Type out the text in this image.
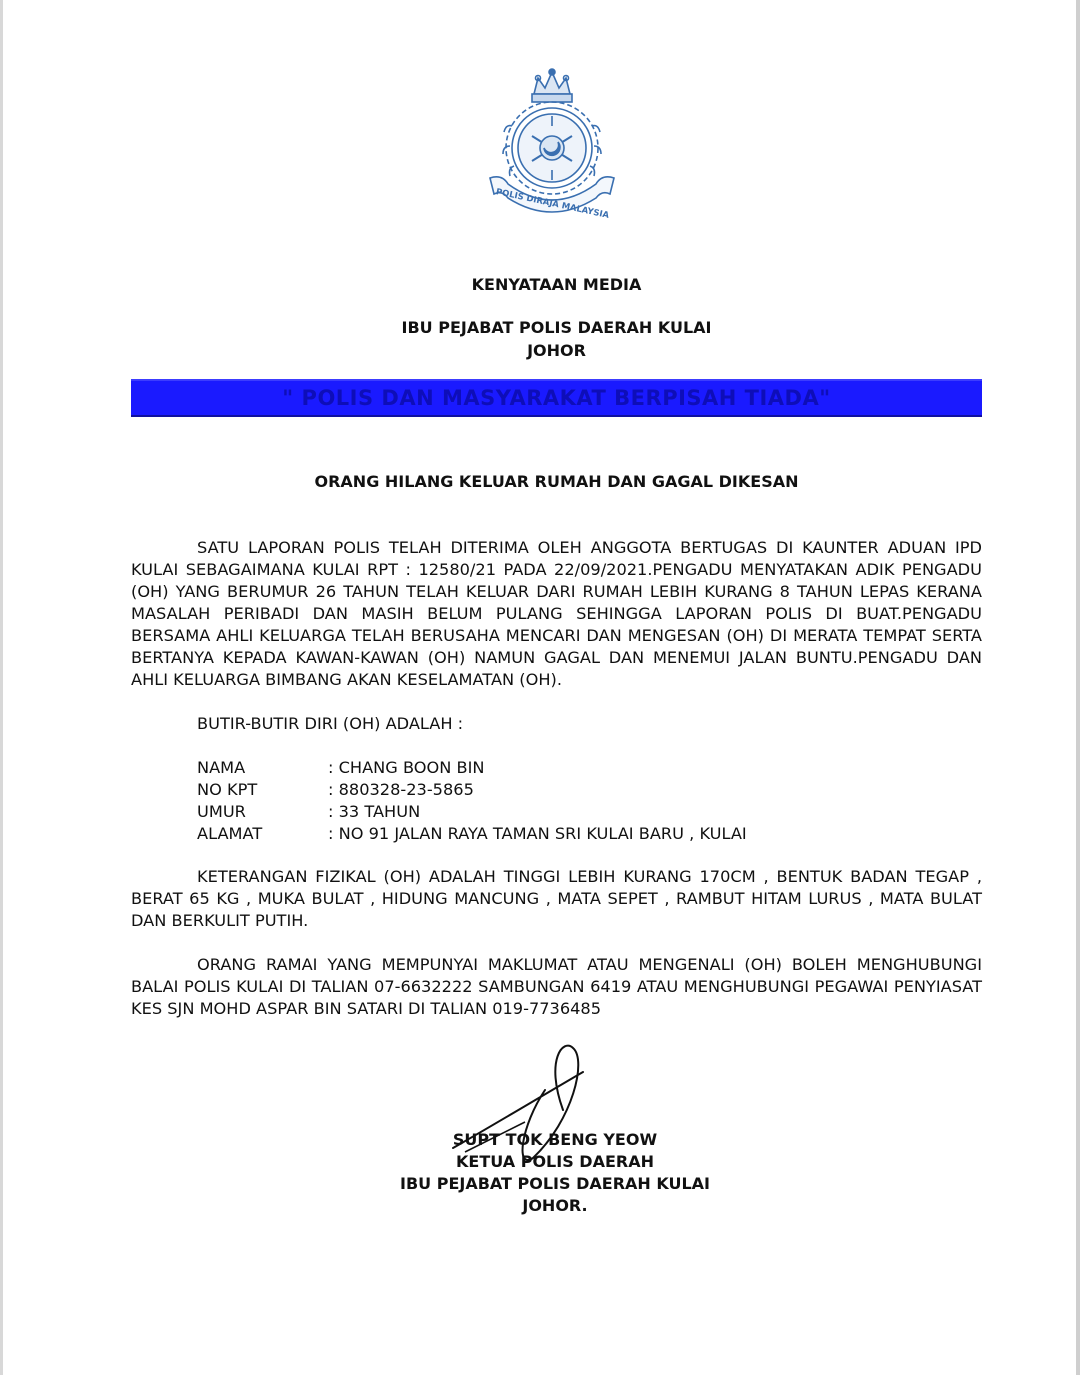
POLIS DIRAJA MALAYSIA
KENYATAAN MEDIA
IBU PEJABAT POLIS DAERAH KULAI
JOHOR
" POLIS DAN MASYARAKAT BERPISAH TIADA"
ORANG HILANG KELUAR RUMAH DAN GAGAL DIKESAN

SATU LAPORAN POLIS TELAH DITERIMA OLEH ANGGOTA BERTUGAS DI KAUNTER ADUAN IPD KULAI SEBAGAIMANA KULAI RPT : 12580/21 PADA 22/09/2021.PENGADU MENYATAKAN ADIK PENGADU (OH) YANG BERUMUR 26 TAHUN TELAH KELUAR DARI RUMAH LEBIH KURANG 8 TAHUN LEPAS KERANA MASALAH PERIBADI DAN MASIH BELUM PULANG SEHINGGA LAPORAN POLIS DI BUAT.PENGADU BERSAMA AHLI KELUARGA TELAH BERUSAHA MENCARI DAN MENGESAN (OH) DI MERATA TEMPAT SERTA BERTANYA KEPADA KAWAN-KAWAN (OH) NAMUN GAGAL DAN MENEMUI JALAN BUNTU.PENGADU DAN AHLI KELUARGA BIMBANG AKAN KESELAMATAN (OH).

BUTIR-BUTIR DIRI (OH) ADALAH :
NAMA	: CHANG BOON BIN
NO KPT	: 880328-23-5865
UMUR	: 33 TAHUN
ALAMAT	: NO 91 JALAN RAYA TAMAN SRI KULAI BARU , KULAI

KETERANGAN FIZIKAL (OH) ADALAH TINGGI LEBIH KURANG 170CM , BENTUK BADAN TEGAP , BERAT 65 KG , MUKA BULAT , HIDUNG MANCUNG , MATA SEPET , RAMBUT HITAM LURUS , MATA BULAT DAN BERKULIT PUTIH.

ORANG RAMAI YANG MEMPUNYAI MAKLUMAT ATAU MENGENALI (OH) BOLEH MENGHUBUNGI BALAI POLIS KULAI DI TALIAN 07-6632222 SAMBUNGAN 6419 ATAU MENGHUBUNGI PEGAWAI PENYIASAT KES SJN MOHD ASPAR BIN SATARI DI TALIAN 019-7736485

SUPT TOK BENG YEOW
KETUA POLIS DAERAH
IBU PEJABAT POLIS DAERAH KULAI
JOHOR.
